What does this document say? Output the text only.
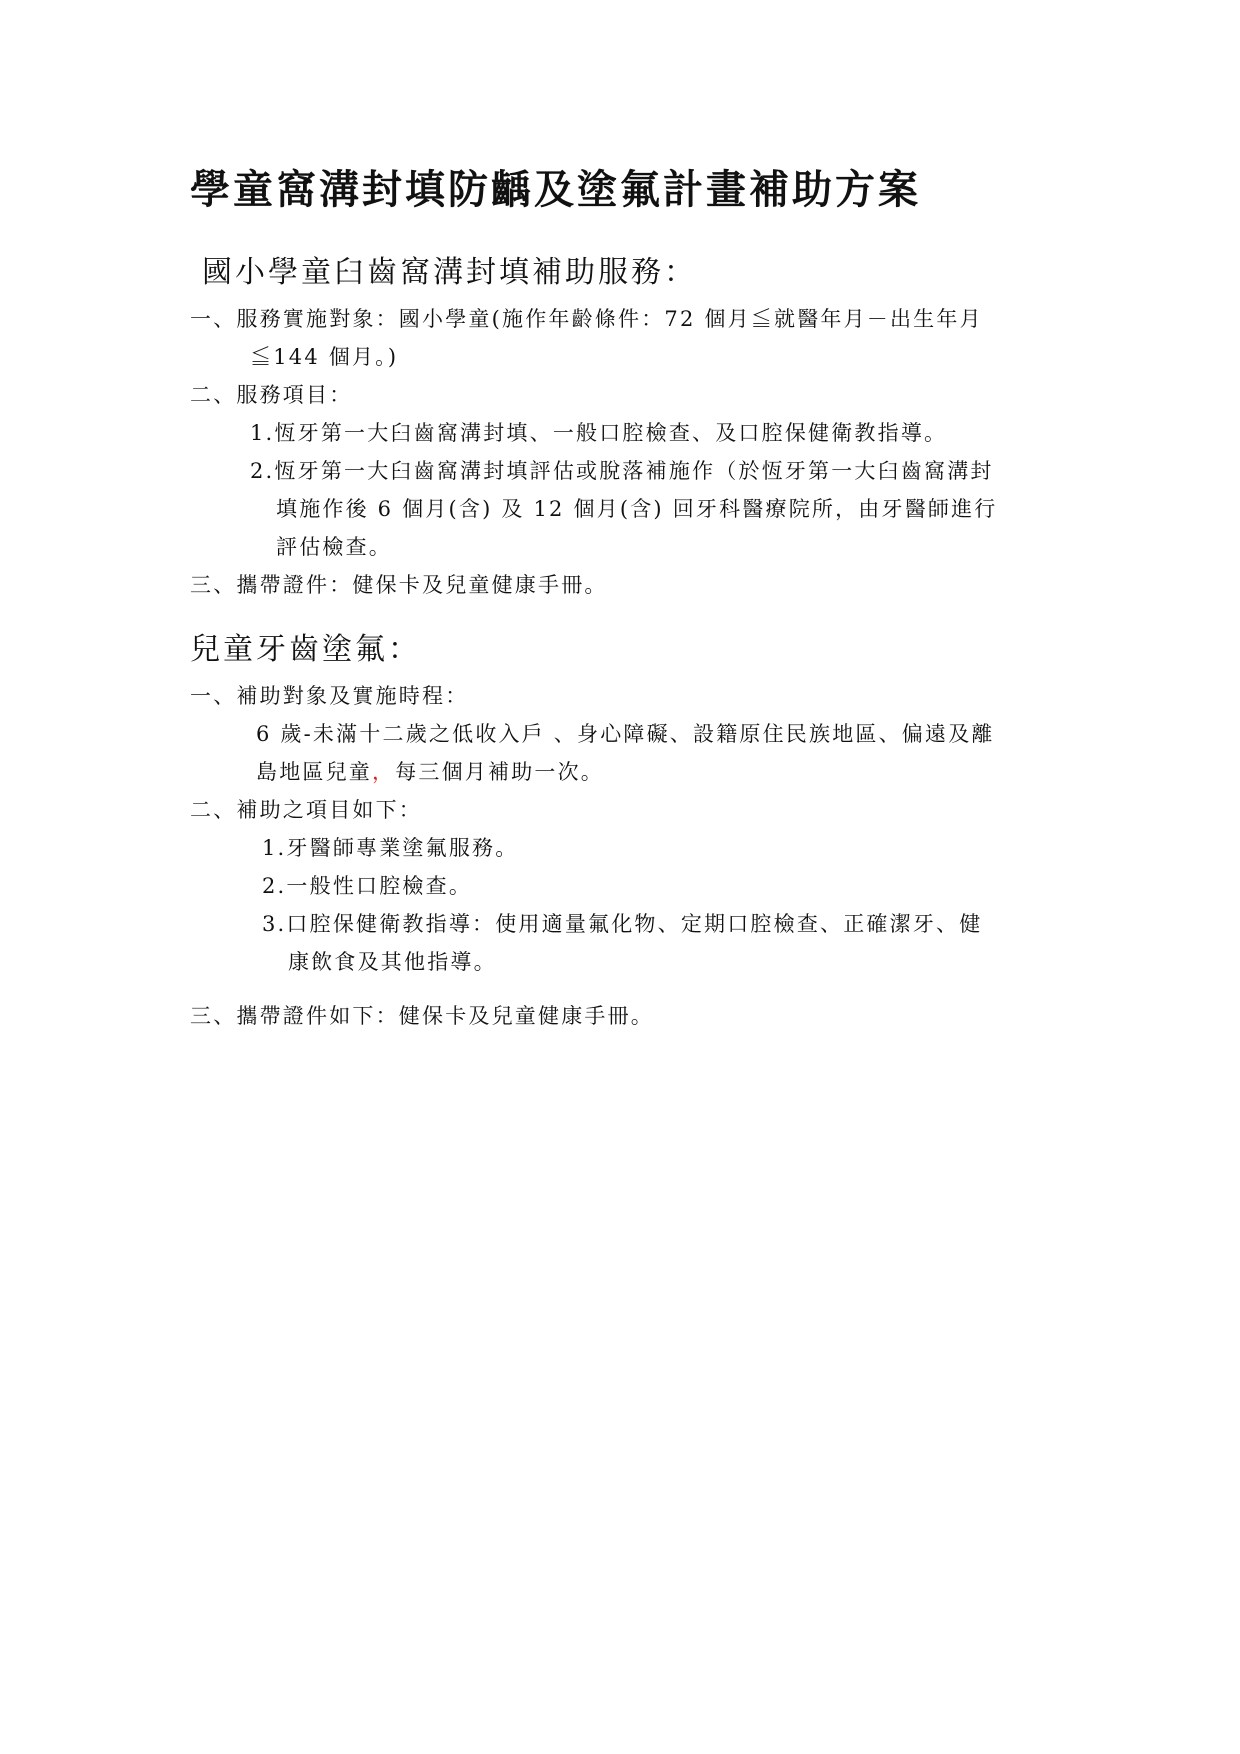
學童窩溝封填防齲及塗氟計畫補助方案
國小學童臼齒窩溝封填補助服務：
一、服務實施對象：國小學童(施作年齡條件：72 個月≦就醫年月－出生年月
≦144 個月。)
二、服務項目：
1.恆牙第一大臼齒窩溝封填、一般口腔檢查、及口腔保健衛教指導。
2.恆牙第一大臼齒窩溝封填評估或脫落補施作（於恆牙第一大臼齒窩溝封
填施作後 6 個月(含) 及 12 個月(含) 回牙科醫療院所，由牙醫師進行
評估檢查。
三、攜帶證件：健保卡及兒童健康手冊。
兒童牙齒塗氟：
一、補助對象及實施時程：
6 歲-未滿十二歲之低收入戶 、身心障礙、設籍原住民族地區、偏遠及離
島地區兒童，每三個月補助一次。
二、補助之項目如下：
1.牙醫師專業塗氟服務。
2.一般性口腔檢查。
3.口腔保健衛教指導：使用適量氟化物、定期口腔檢查、正確潔牙、健
康飲食及其他指導。
三、攜帶證件如下：健保卡及兒童健康手冊。
